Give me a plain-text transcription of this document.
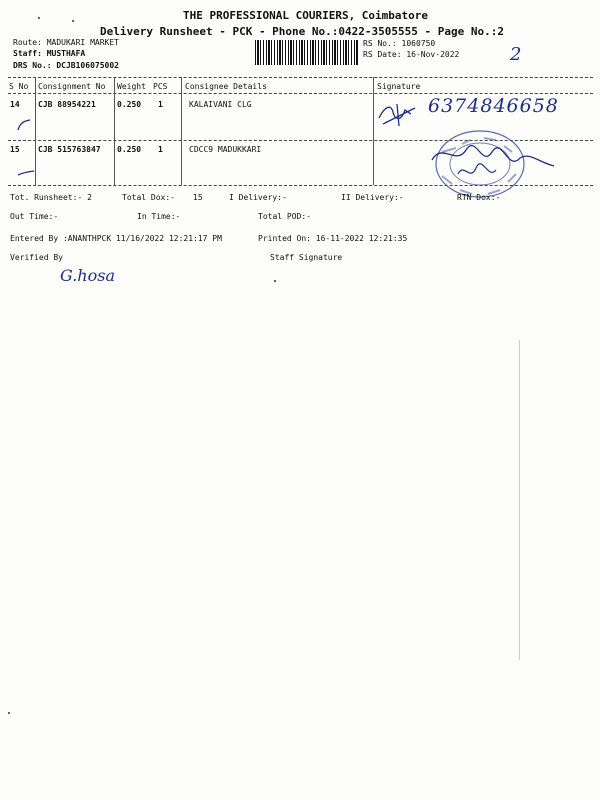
THE PROFESSIONAL COURIERS, Coimbatore
Delivery Runsheet - PCK - Phone No.:0422-3505555 - Page No.:2
Route: MADUKARI MARKET
Staff: MUSTHAFA
DRS No.: DCJB106075002
RS No.: 1060750
RS Date: 16-Nov-2022	2
S No Consignment No Weight PCS Consignee Details	Signature
14 CJB 88954221	0.250 1	KALAIVANI CLG	6374846658
15 CJB 515763847 0.250 1	CDCC9 MADUKKARI
Tot. Runsheet:- 2	Total Dox:- 15	I Delivery:-	II Delivery:-	RTN Dox:-
Out Time:-	In Time:-	Total POD:-
Entered By :ANANTHPCK 11/16/2022 12:21:17 PM	Printed On: 16-11-2022 12:21:35
Verified By	Staff Signature
G.hosa
